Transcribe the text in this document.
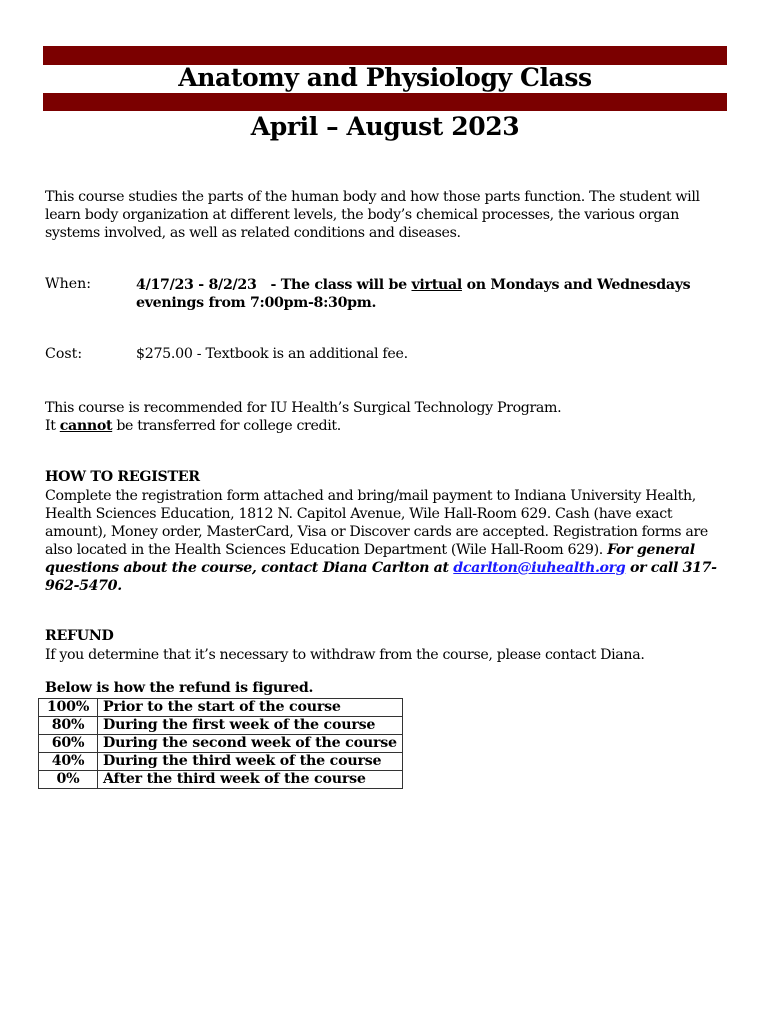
Anatomy and Physiology Class
April – August 2023
This course studies the parts of the human body and how those parts function. The student will learn body organization at different levels, the body’s chemical processes, the various organ systems involved, as well as related conditions and diseases.
When:	4/17/23 - 8/2/23   - The class will be virtual on Mondays and Wednesdays evenings from 7:00pm-8:30pm.
Cost:	$275.00 - Textbook is an additional fee.
This course is recommended for IU Health’s Surgical Technology Program.
It cannot be transferred for college credit.
HOW TO REGISTER
Complete the registration form attached and bring/mail payment to Indiana University Health, Health Sciences Education, 1812 N. Capitol Avenue, Wile Hall-Room 629. Cash (have exact amount), Money order, MasterCard, Visa or Discover cards are accepted. Registration forms are also located in the Health Sciences Education Department (Wile Hall-Room 629). For general questions about the course, contact Diana Carlton at dcarlton@iuhealth.org or call 317-962-5470.
REFUND
If you determine that it’s necessary to withdraw from the course, please contact Diana.
Below is how the refund is figured.
100%	Prior to the start of the course
80%	During the first week of the course
60%	During the second week of the course
40%	During the third week of the course
0%	After the third week of the course
